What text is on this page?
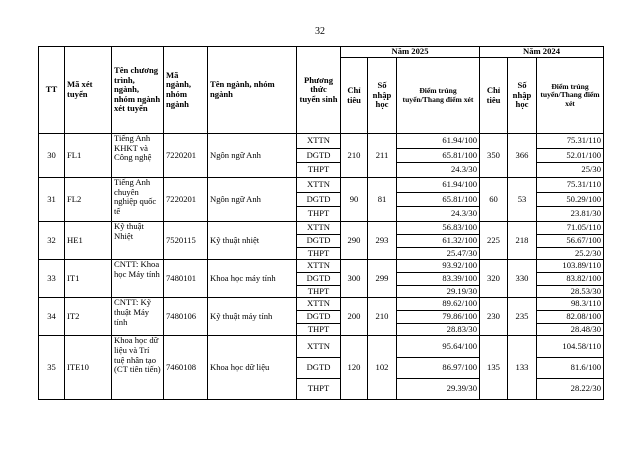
32
TT	Mã xét tuyển	Tên chương trình, ngành, nhóm ngành xét tuyển	Mã ngành, nhóm ngành	Tên ngành, nhóm ngành	Phương thức tuyển sinh	Năm 2025			Năm 2024		
						Chỉ tiêu	Số nhập học	Điểm trúng tuyển/Thang điểm xét	Chỉ tiêu	Số nhập học	Điểm trúng tuyển/Thang điểm xét
30	FL1	Tiếng Anh KHKT và Công nghệ	7220201	Ngôn ngữ Anh	XTTN	210	211	61.94/100	350	366	75.31/110
					DGTD			65.81/100			52.01/100
					THPT			24.3/30			25/30
31	FL2	Tiếng Anh chuyên nghiệp quốc tế	7220201	Ngôn ngữ Anh	XTTN	90	81	61.94/100	60	53	75.31/110
					DGTD			65.81/100			50.29/100
					THPT			24.3/30			23.81/30
32	HE1	Kỹ thuật Nhiệt	7520115	Kỹ thuật nhiệt	XTTN	290	293	56.83/100	225	218	71.05/110
					DGTD			61.32/100			56.67/100
					THPT			25.47/30			25.2/30
33	IT1	CNTT: Khoa học Máy tính	7480101	Khoa học máy tính	XTTN	300	299	93.92/100	320	330	103.89/110
					DGTD			83.39/100			83.82/100
					THPT			29.19/30			28.53/30
34	IT2	CNTT: Kỹ thuật Máy tính	7480106	Kỹ thuật máy tính	XTTN	200	210	89.62/100	230	235	98.3/110
					DGTD			79.86/100			82.08/100
					THPT			28.83/30			28.48/30
35	ITE10	Khoa học dữ liệu và Trí tuệ nhân tạo (CT tiên tiến)	7460108	Khoa học dữ liệu	XTTN	120	102	95.64/100	135	133	104.58/110
					DGTD			86.97/100			81.6/100
					THPT			29.39/30			28.22/30
